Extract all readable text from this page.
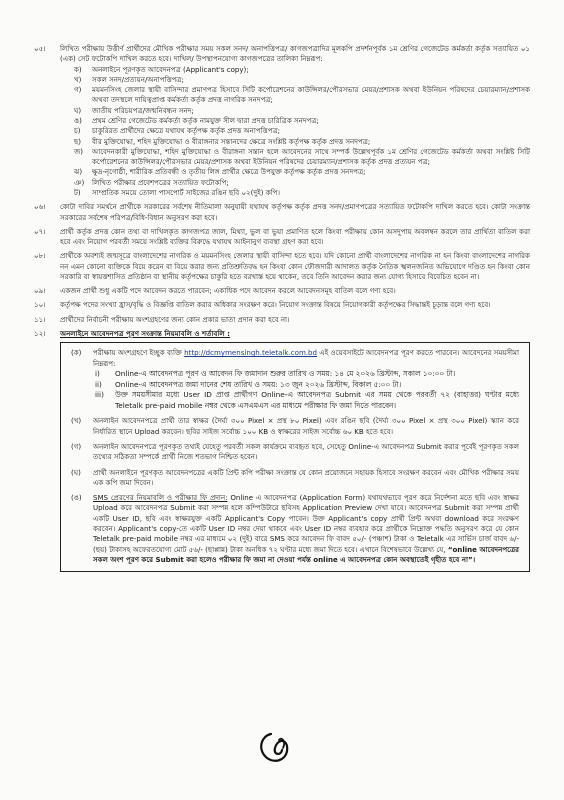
০৫।	লিখিত পরীক্ষায় উত্তীর্ণ প্রার্থীদের মৌখিক পরীক্ষার সময় সকল সনদ/ অনাপত্তিপত্র/ কাগজপত্রাদির মূলকপি প্রদর্শনপূর্বক ১ম শ্রেণির গেজেটেড কর্মকর্তা কর্তৃক সত্যায়িত ০১ (এক) সেট ফটোকপি দাখিল করতে হবে। দাখিল/ উপস্থাপনযোগ্য কাগজপত্রের তালিকা নিম্নরূপ:
ক)	অনলাইনে পূরণকৃত আবেদনপত্র (Applicant's copy);
খ)	সকল সনদ/প্রত্যয়ন/অনাপত্তিপত্র;
গ)	ময়মনসিংহ জেলার স্থায়ী বাসিন্দার প্রমাণপত্র হিসাবে সিটি কর্পোরেশনের কাউন্সিলর/পৌরসভার মেয়র/প্রশাসক অথবা ইউনিয়ন পরিষদের চেয়ারম্যান/প্রশাসক অথবা তদস্থলে দায়িত্বপ্রাপ্ত কর্মকর্তা কর্তৃক প্রদত্ত নাগরিক সনদপত্র;
ঘ)	জাতীয় পরিচয়পত্র/জন্মনিবন্ধন সনদ;
ঙ)	প্রথম শ্রেণির গেজেটেড কর্মকর্তা কর্তৃক নামযুক্ত সীল দ্বারা প্রদত্ত চারিত্রিক সনদপত্র;
চ)	চাকুরিরত প্রার্থীদের ক্ষেত্রে যথাযথ কর্তৃপক্ষ কর্তৃক প্রদত্ত অনাপত্তিপত্র;
ছ)	বীর মুক্তিযোদ্ধা, শহিদ মুক্তিযোদ্ধা ও বীরাঙ্গনার সন্তানদের ক্ষেত্রে সংশ্লিষ্ট কর্তৃপক্ষ কর্তৃক প্রদত্ত সনদপত্র;
জ)	আবেদনকারী মুক্তিযোদ্ধা, শহিদ মুক্তিযোদ্ধা ও বীরাঙ্গনা সন্তান হলে আবেদনের সাথে সম্পর্ক উল্লেখপূর্বক ১ম শ্রেণির গেজেটেড কর্মকর্তা অথবা সংশ্লিষ্ট সিটি কর্পোরেশনের কাউন্সিলর/পৌরসভার মেয়র/প্রশাসক অথবা ইউনিয়ন পরিষদের চেয়ারম্যান/প্রশাসক কর্তৃক প্রদত্ত প্রত্যয়ন পত্র;
ঝ)	ক্ষুদ্র-নৃগোষ্ঠী, শারীরিক প্রতিবন্ধী ও তৃতীয় লিঙ্গ প্রার্থীর ক্ষেত্রে উপযুক্ত কর্তৃপক্ষ কর্তৃক প্রদত্ত সনদপত্র;
ঞ)	লিখিত পরীক্ষার প্রবেশপত্রের সত্যায়িত ফটোকপি;
ট)	সাম্প্রতিক সময়ে তোলা পাসপোর্ট সাইজের রঙিন ছবি ০২(দুই) কপি।
০৬।	কোটা দাবির সমর্থনে প্রার্থীকে সরকারের সর্বশেষ নীতিমালা অনুযায়ী যথাযথ কর্তৃপক্ষ কর্তৃক প্রদত্ত সনদ/প্রমাণপত্রের সত্যায়িত ফটোকপি দাখিল করতে হবে। কোটা সংক্রান্ত সরকারের সর্বশেষ পরিপত্র/বিধি-বিধান অনুসরণ করা হবে।
০৭।	প্রার্থী কর্তৃক প্রদত্ত কোন তথ্য বা দাখিলকৃত কাগজপত্র জাল, মিথ্যা, ভুল বা ভুয়া প্রমাণিত হলে কিংবা পরীক্ষায় কোন অসদুপায় অবলম্বন করলে তার প্রার্থিতা বাতিল করা হবে এবং নিয়োগ পরবর্তী সময়ে সংশ্লিষ্ট ব্যক্তির বিরুদ্ধে যথাযথ আইনানুগ ব্যবস্থা গ্রহণ করা হবে।
০৮।	প্রার্থীকে অবশ্যই জন্মসূত্রে বাংলাদেশের নাগরিক ও ময়মনসিংহ জেলার স্থায়ী বাসিন্দা হতে হবে। যদি কোনো প্রার্থী বাংলাদেশের নাগরিক না হন কিংবা বাংলাদেশের নাগরিক নন এমন কোনো ব্যক্তিকে বিয়ে করেন বা বিয়ে করার জন্য প্রতিশ্রুতিবদ্ধ হন কিংবা কোন ফৌজদারী আদালত কর্তৃক নৈতিক স্খলনজনিত অভিযোগে দণ্ডিত হন কিংবা কোন সরকারি বা স্বায়ত্তশাসিত প্রতিষ্ঠান বা স্থানীয় কর্তৃপক্ষের চাকুরি হতে বরখাস্ত হয়ে থাকেন, তবে তিনি আবেদন করার জন্য যোগ্য হিসাবে বিবেচিত হবেন না।
০৯।	একজন প্রার্থী শুধু একটি পদে আবেদন করতে পারবেন; একাধিক পদে আবেদন করলে আবেদনসমূহ বাতিল বলে গণ্য হবে।
১০।	কর্তৃপক্ষ পদের সংখ্যা হ্রাস/বৃদ্ধি ও বিজ্ঞপ্তি বাতিল করার অধিকার সংরক্ষণ করে। নিয়োগ সংক্রান্ত বিষয়ে নিয়োগকারী কর্তৃপক্ষের সিদ্ধান্তই চূড়ান্ত বলে গণ্য হবে।
১১।	প্রার্থীদের নির্বাচনী পরীক্ষায় অংশগ্রহণের জন্য কোন প্রকার ভাতা প্রদান করা হবে না।
১২।	অনলাইনে আবেদনপত্র পূরণ সংক্রান্ত নিয়মাবলি ও শর্তাবলি :
(ক)	পরীক্ষায় অংশগ্রহণে ইচ্ছুক ব্যক্তি http://dcmymensingh.teletalk.com.bd এই ওয়েবসাইটে আবেদনপত্র পূরণ করতে পারবেন। আবেদনের সময়সীমা নিম্নরূপ:
i)	Online-এ আবেদনপত্র পূরণ ও আবেদন ফি জমাদান শুরুর তারিখ ও সময়: ১৪ মে ২০২৬ খ্রিস্টাব্দ, সকাল ১০:০০ টা।
ii)	Online-এ আবেদনপত্র জমা দানের শেষ তারিখ ও সময়: ১৩ জুন ২০২৬ খ্রিস্টাব্দ, বিকাল ৫:০০ টা।
iii)	উক্ত সময়সীমার মধ্যে User ID প্রাপ্ত প্রার্থীগণ Online-এ আবেদনপত্র Submit এর সময় থেকে পরবর্তী ৭২ (বাহাত্তর) ঘণ্টার মধ্যে Teletalk pre-paid mobile নম্বর থেকে এসএমএস এর মাধ্যমে পরীক্ষার ফি জমা দিতে পারবেন।
(খ)	অনলাইন আবেদনপত্রে প্রার্থী তার স্বাক্ষর (দৈর্ঘ্য ৩০০ Pixel × প্রস্থ ৮০ Pixel) এবং রঙিন ছবি (দৈর্ঘ্য ৩০০ Pixel × প্রস্থ ৩০০ Pixel) স্ক্যান করে নির্ধারিত স্থানে Upload করবেন। ছবির সাইজ সর্বোচ্চ ১০০ KB ও স্বাক্ষরের সাইজ সর্বোচ্চ ৬০ KB হতে হবে।
(গ)	অনলাইন আবেদনপত্রে পূরণকৃত তথ্যই যেহেতু পরবর্তী সকল কার্যক্রমে ব্যবহৃত হবে, সেহেতু Online-এ আবেদনপত্র Submit করার পূর্বেই পূরণকৃত সকল তথ্যের সঠিকতা সম্পর্কে প্রার্থী নিজে শতভাগ নিশ্চিত হবেন।
(ঘ)	প্রার্থী অনলাইনে পূরণকৃত আবেদনপত্রের একটি প্রিন্ট কপি পরীক্ষা সংক্রান্ত যে কোন প্রয়োজনে সহায়ক হিসাবে সংরক্ষণ করবেন এবং মৌখিক পরীক্ষার সময় এক কপি জমা দিবেন।
(ঙ)	SMS প্রেরণের নিয়মাবলি ও পরীক্ষার ফি প্রদান: Online এ আবেদনপত্র (Application Form) যথাযথভাবে পূরণ করে নির্দেশনা মতে ছবি এবং স্বাক্ষর Upload করে আবেদনপত্র Submit করা সম্পন্ন হলে কম্পিউটারে ছবিসহ Application Preview দেখা যাবে। আবেদনপত্র Submit করা সম্পন্ন প্রার্থী একটি User ID, ছবি এবং স্বাক্ষরযুক্ত একটি Applicant's Copy পাবেন। উক্ত Applicant's copy প্রার্থী প্রিন্ট অথবা download করে সংরক্ষণ করবেন। Applicant's copy-তে একটি User ID নম্বর দেয়া থাকবে এবং User ID নম্বর ব্যবহার করে প্রার্থীকে নিম্নোক্ত পদ্ধতি অনুসরণ করে যে কোন Teletalk pre-paid mobile নম্বর এর মাধ্যমে ০২ (দুই) বারে SMS করে আবেদন ফি বাবদ ৫০/- (পঞ্চাশ) টাকা ও Teletalk এর সার্ভিস চার্জ বাবদ ৬/- (ছয়) টাকাসহ অফেরতযোগ্য মোট ৫৬/- (ছাপ্পান্ন) টাকা অনধিক ৭২ ঘণ্টার মধ্যে জমা দিতে হবে। এখানে বিশেষভাবে উল্লেখ্য যে, “online আবেদনপত্রের সকল অংশ পূরণ করে Submit করা হলেও পরীক্ষার ফি জমা না দেওয়া পর্যন্ত online এ আবেদনপত্র কোন অবস্থাতেই গৃহীত হবে না”।
